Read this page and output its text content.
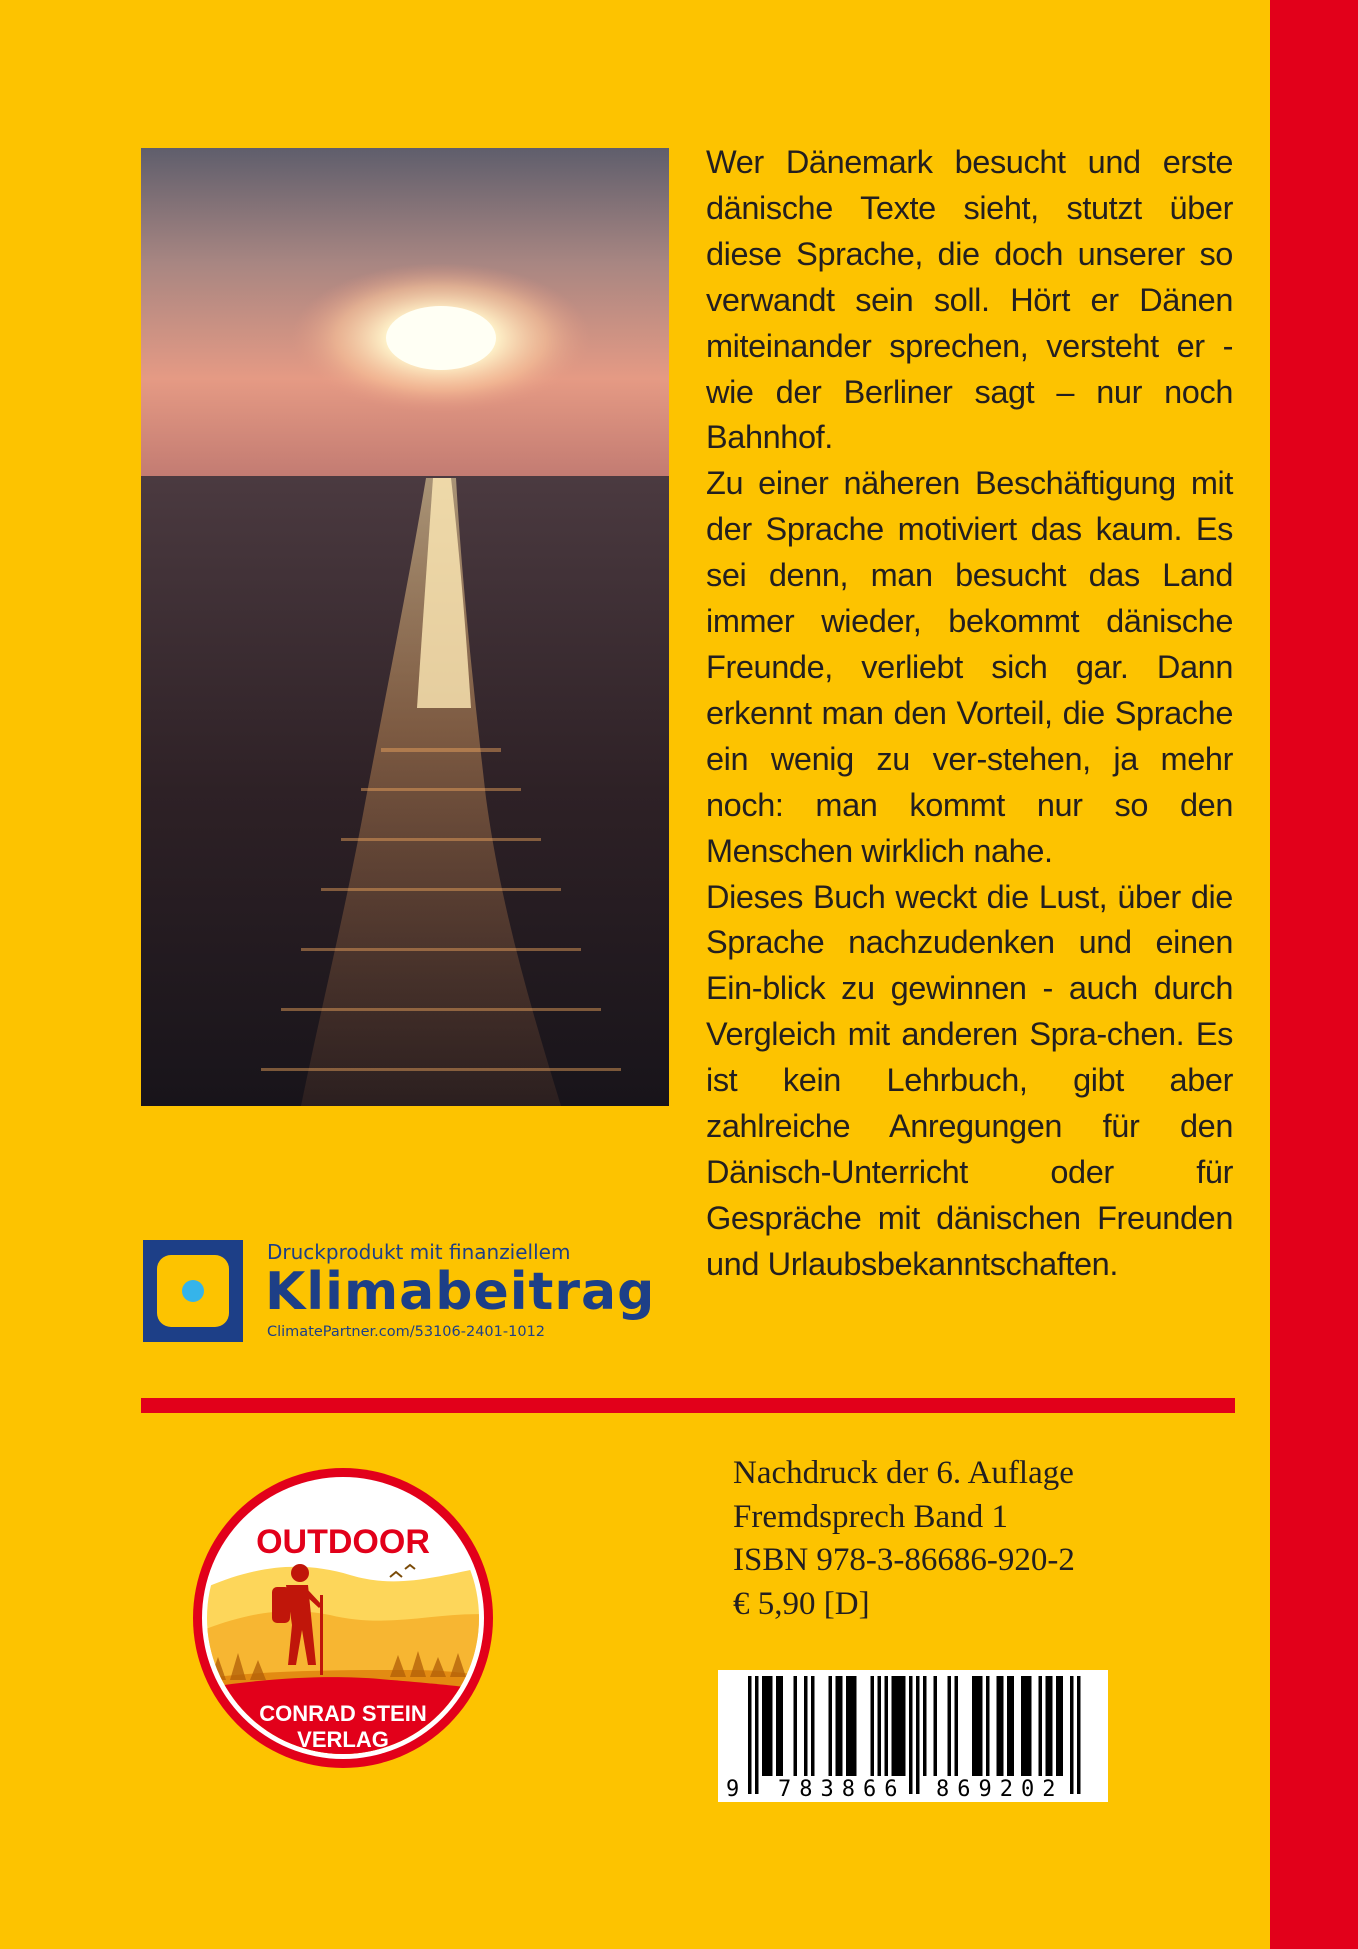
Wer Dänemark besucht und erste dänische Texte sieht, stutzt über diese Sprache, die doch unserer so verwandt sein soll. Hört er Dänen miteinander sprechen, versteht er - wie der Berliner sagt – nur noch Bahnhof.

Zu einer näheren Beschäftigung mit der Sprache motiviert das kaum. Es sei denn, man besucht das Land immer wieder, bekommt dänische Freunde, verliebt sich gar. Dann erkennt man den Vorteil, die Sprache ein wenig zu ver-stehen, ja mehr noch: man kommt nur so den Menschen wirklich nahe.

Dieses Buch weckt die Lust, über die Sprache nachzudenken und einen Ein-blick zu gewinnen - auch durch Vergleich mit anderen Spra-chen. Es ist kein Lehrbuch, gibt aber zahlreiche Anregungen für den Dänisch-Unterricht oder für Gespräche mit dänischen Freunden und Urlaubsbekanntschaften.

Druckprodukt mit finanziellem
Klimabeitrag
ClimatePartner.com/53106-2401-1012
OUTDOOR
CONRAD STEIN
VERLAG
Nachdruck der 6. Auflage
Fremdsprech Band 1
ISBN 978-3-86686-920-2
€ 5,90 [D]
9 783866 869202
